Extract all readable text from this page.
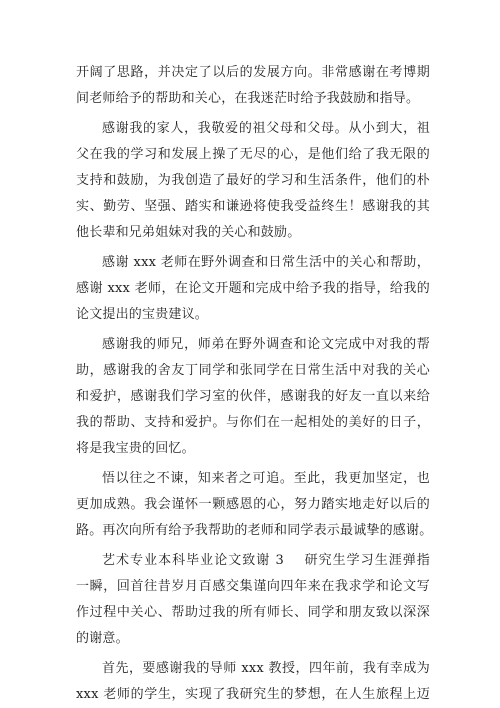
开阔了思路，并决定了以后的发展方向。非常感谢在考博期
间老师给予的帮助和关心，在我迷茫时给予我鼓励和指导。
感谢我的家人，我敬爱的祖父母和父母。从小到大，祖
父在我的学习和发展上操了无尽的心，是他们给了我无限的
支持和鼓励，为我创造了最好的学习和生活条件，他们的朴
实、勤劳、坚强、踏实和谦逊将使我受益终生！感谢我的其
他长辈和兄弟姐妹对我的关心和鼓励。
感谢 xxx 老师在野外调查和日常生活中的关心和帮助，
感谢 xxx 老师，在论文开题和完成中给予我的指导，给我的
论文提出的宝贵建议。
感谢我的师兄，师弟在野外调查和论文完成中对我的帮
助，感谢我的舍友丁同学和张同学在日常生活中对我的关心
和爱护，感谢我们学习室的伙伴，感谢我的好友一直以来给
我的帮助、支持和爱护。与你们在一起相处的美好的日子，
将是我宝贵的回忆。
悟以往之不谏，知来者之可追。至此，我更加坚定，也
更加成熟。我会谨怀一颗感恩的心，努力踏实地走好以后的
路。再次向所有给予我帮助的老师和同学表示最诚挚的感谢。
艺术专业本科毕业论文致谢 3    研究生学习生涯弹指
一瞬，回首往昔岁月百感交集谨向四年来在我求学和论文写
作过程中关心、帮助过我的所有师长、同学和朋友致以深深
的谢意。
首先，要感谢我的导师 xxx 教授，四年前，我有幸成为
xxx 老师的学生，实现了我研究生的梦想，在人生旅程上迈
